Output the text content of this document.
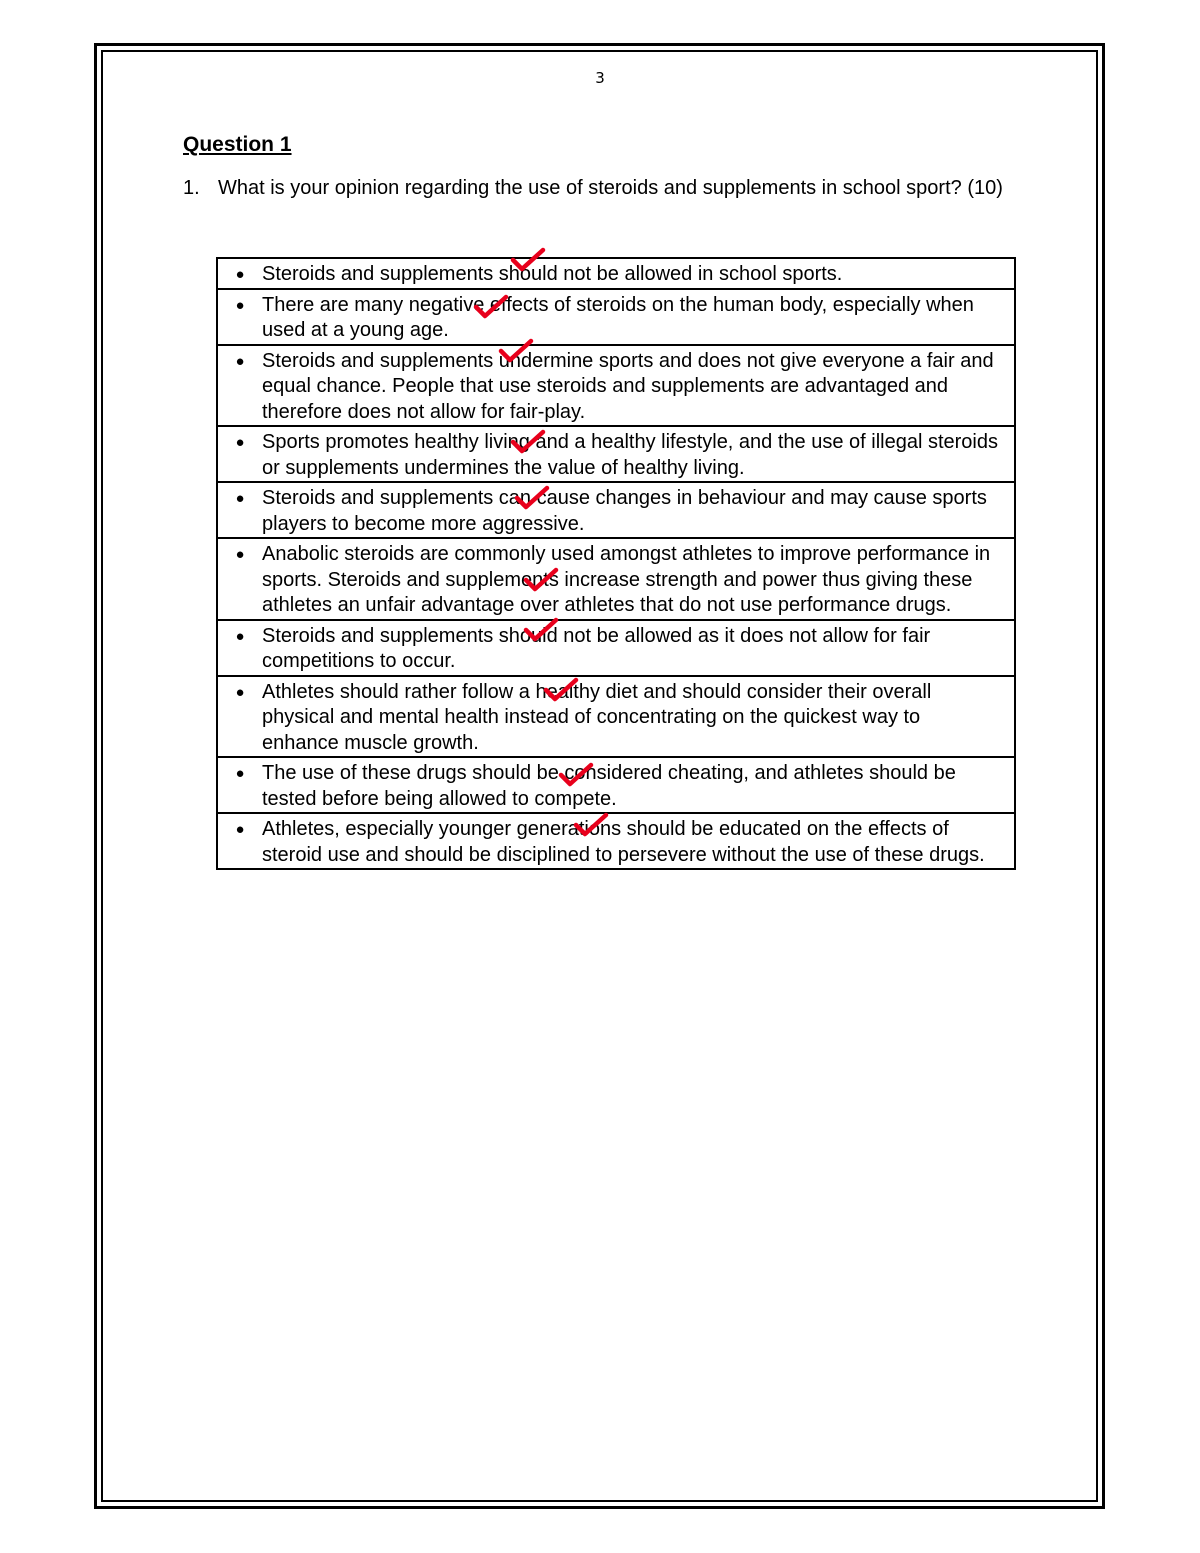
3
Question 1
1. What is your opinion regarding the use of steroids and supplements in school sport? (10)
● Steroids and supplements should not be allowed in school sports.

● There are many negative effects of steroids on the human body, especially when used at a young age.

● Steroids and supplements undermine sports and does not give everyone a fair and equal chance. People that use steroids and supplements are advantaged and therefore does not allow for fair-play.

● Sports promotes healthy living and a healthy lifestyle, and the use of illegal steroids or supplements undermines the value of healthy living.

● Steroids and supplements can cause changes in behaviour and may cause sports players to become more aggressive.

● Anabolic steroids are commonly used amongst athletes to improve performance in sports. Steroids and supplements increase strength and power thus giving these athletes an unfair advantage over athletes that do not use performance drugs.

● Steroids and supplements should not be allowed as it does not allow for fair competitions to occur.

● Athletes should rather follow a healthy diet and should consider their overall physical and mental health instead of concentrating on the quickest way to enhance muscle growth.

● The use of these drugs should be considered cheating, and athletes should be tested before being allowed to compete.

● Athletes, especially younger generations should be educated on the effects of steroid use and should be disciplined to persevere without the use of these drugs.
